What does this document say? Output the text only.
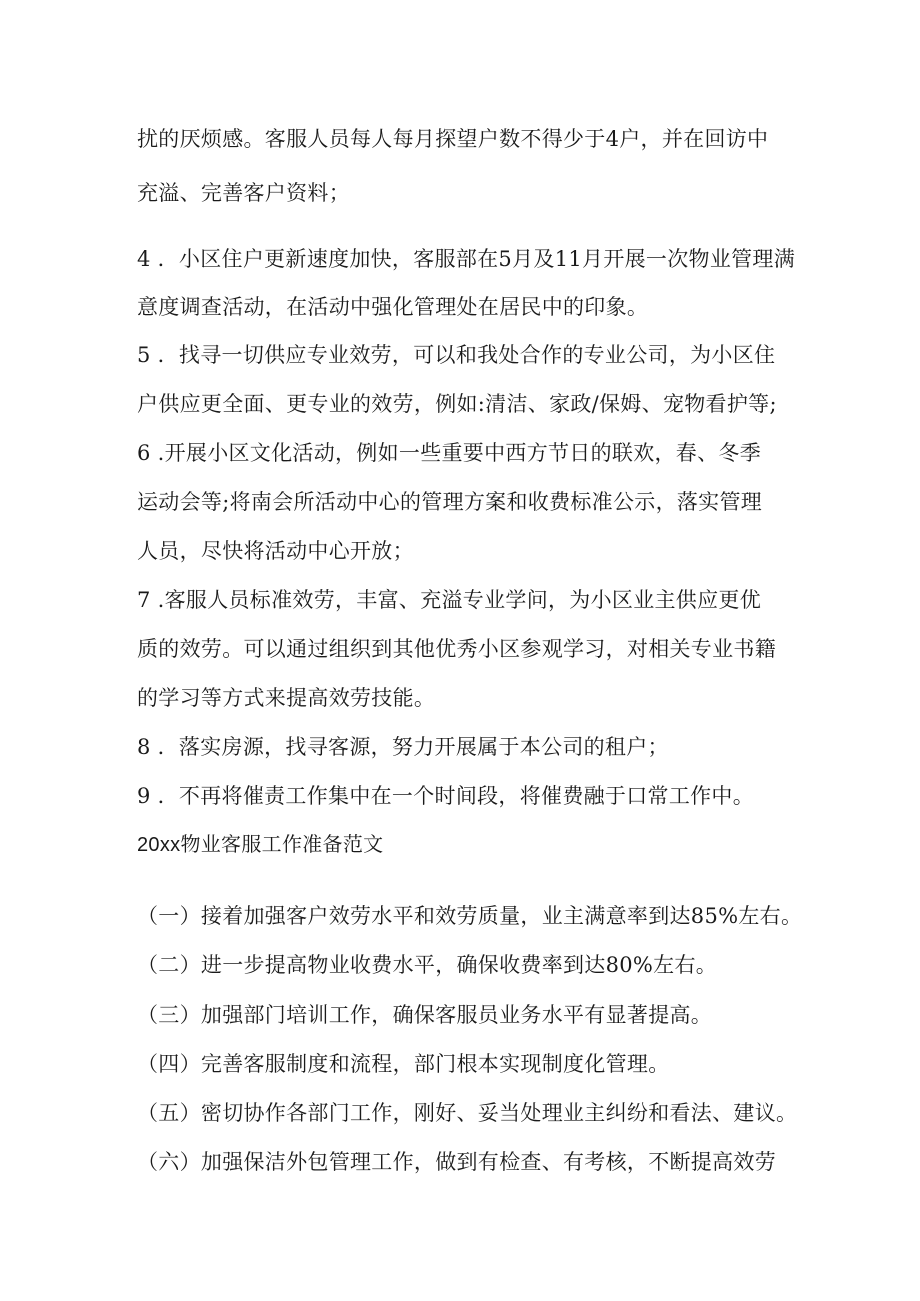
扰的厌烦感。客服人员每人每月探望户数不得少于4户，并在回访中
充溢、完善客户资料；
4 ．小区住户更新速度加快，客服部在5月及11月开展一次物业管理满
意度调查活动，在活动中强化管理处在居民中的印象。
5 ．找寻一切供应专业效劳，可以和我处合作的专业公司，为小区住
户供应更全面、更专业的效劳，例如:清洁、家政/保姆、宠物看护等;
6 .开展小区文化活动，例如一些重要中西方节日的联欢，春、冬季
运动会等;将南会所活动中心的管理方案和收费标准公示，落实管理
人员，尽快将活动中心开放；
7 .客服人员标准效劳，丰富、充溢专业学问，为小区业主供应更优
质的效劳。可以通过组织到其他优秀小区参观学习，对相关专业书籍
的学习等方式来提高效劳技能。
8 ．落实房源，找寻客源，努力开展属于本公司的租户；
9 ．不再将催责工作集中在一个时间段，将催费融于口常工作中。
20xx物业客服工作准备范文
（一）接着加强客户效劳水平和效劳质量，业主满意率到达85%左右。
（二）进一步提高物业收费水平，确保收费率到达80%左右。
（三）加强部门培训工作，确保客服员业务水平有显著提高。
（四）完善客服制度和流程，部门根本实现制度化管理。
（五）密切协作各部门工作，刚好、妥当处理业主纠纷和看法、建议。
（六）加强保洁外包管理工作，做到有检查、有考核，不断提高效劳
